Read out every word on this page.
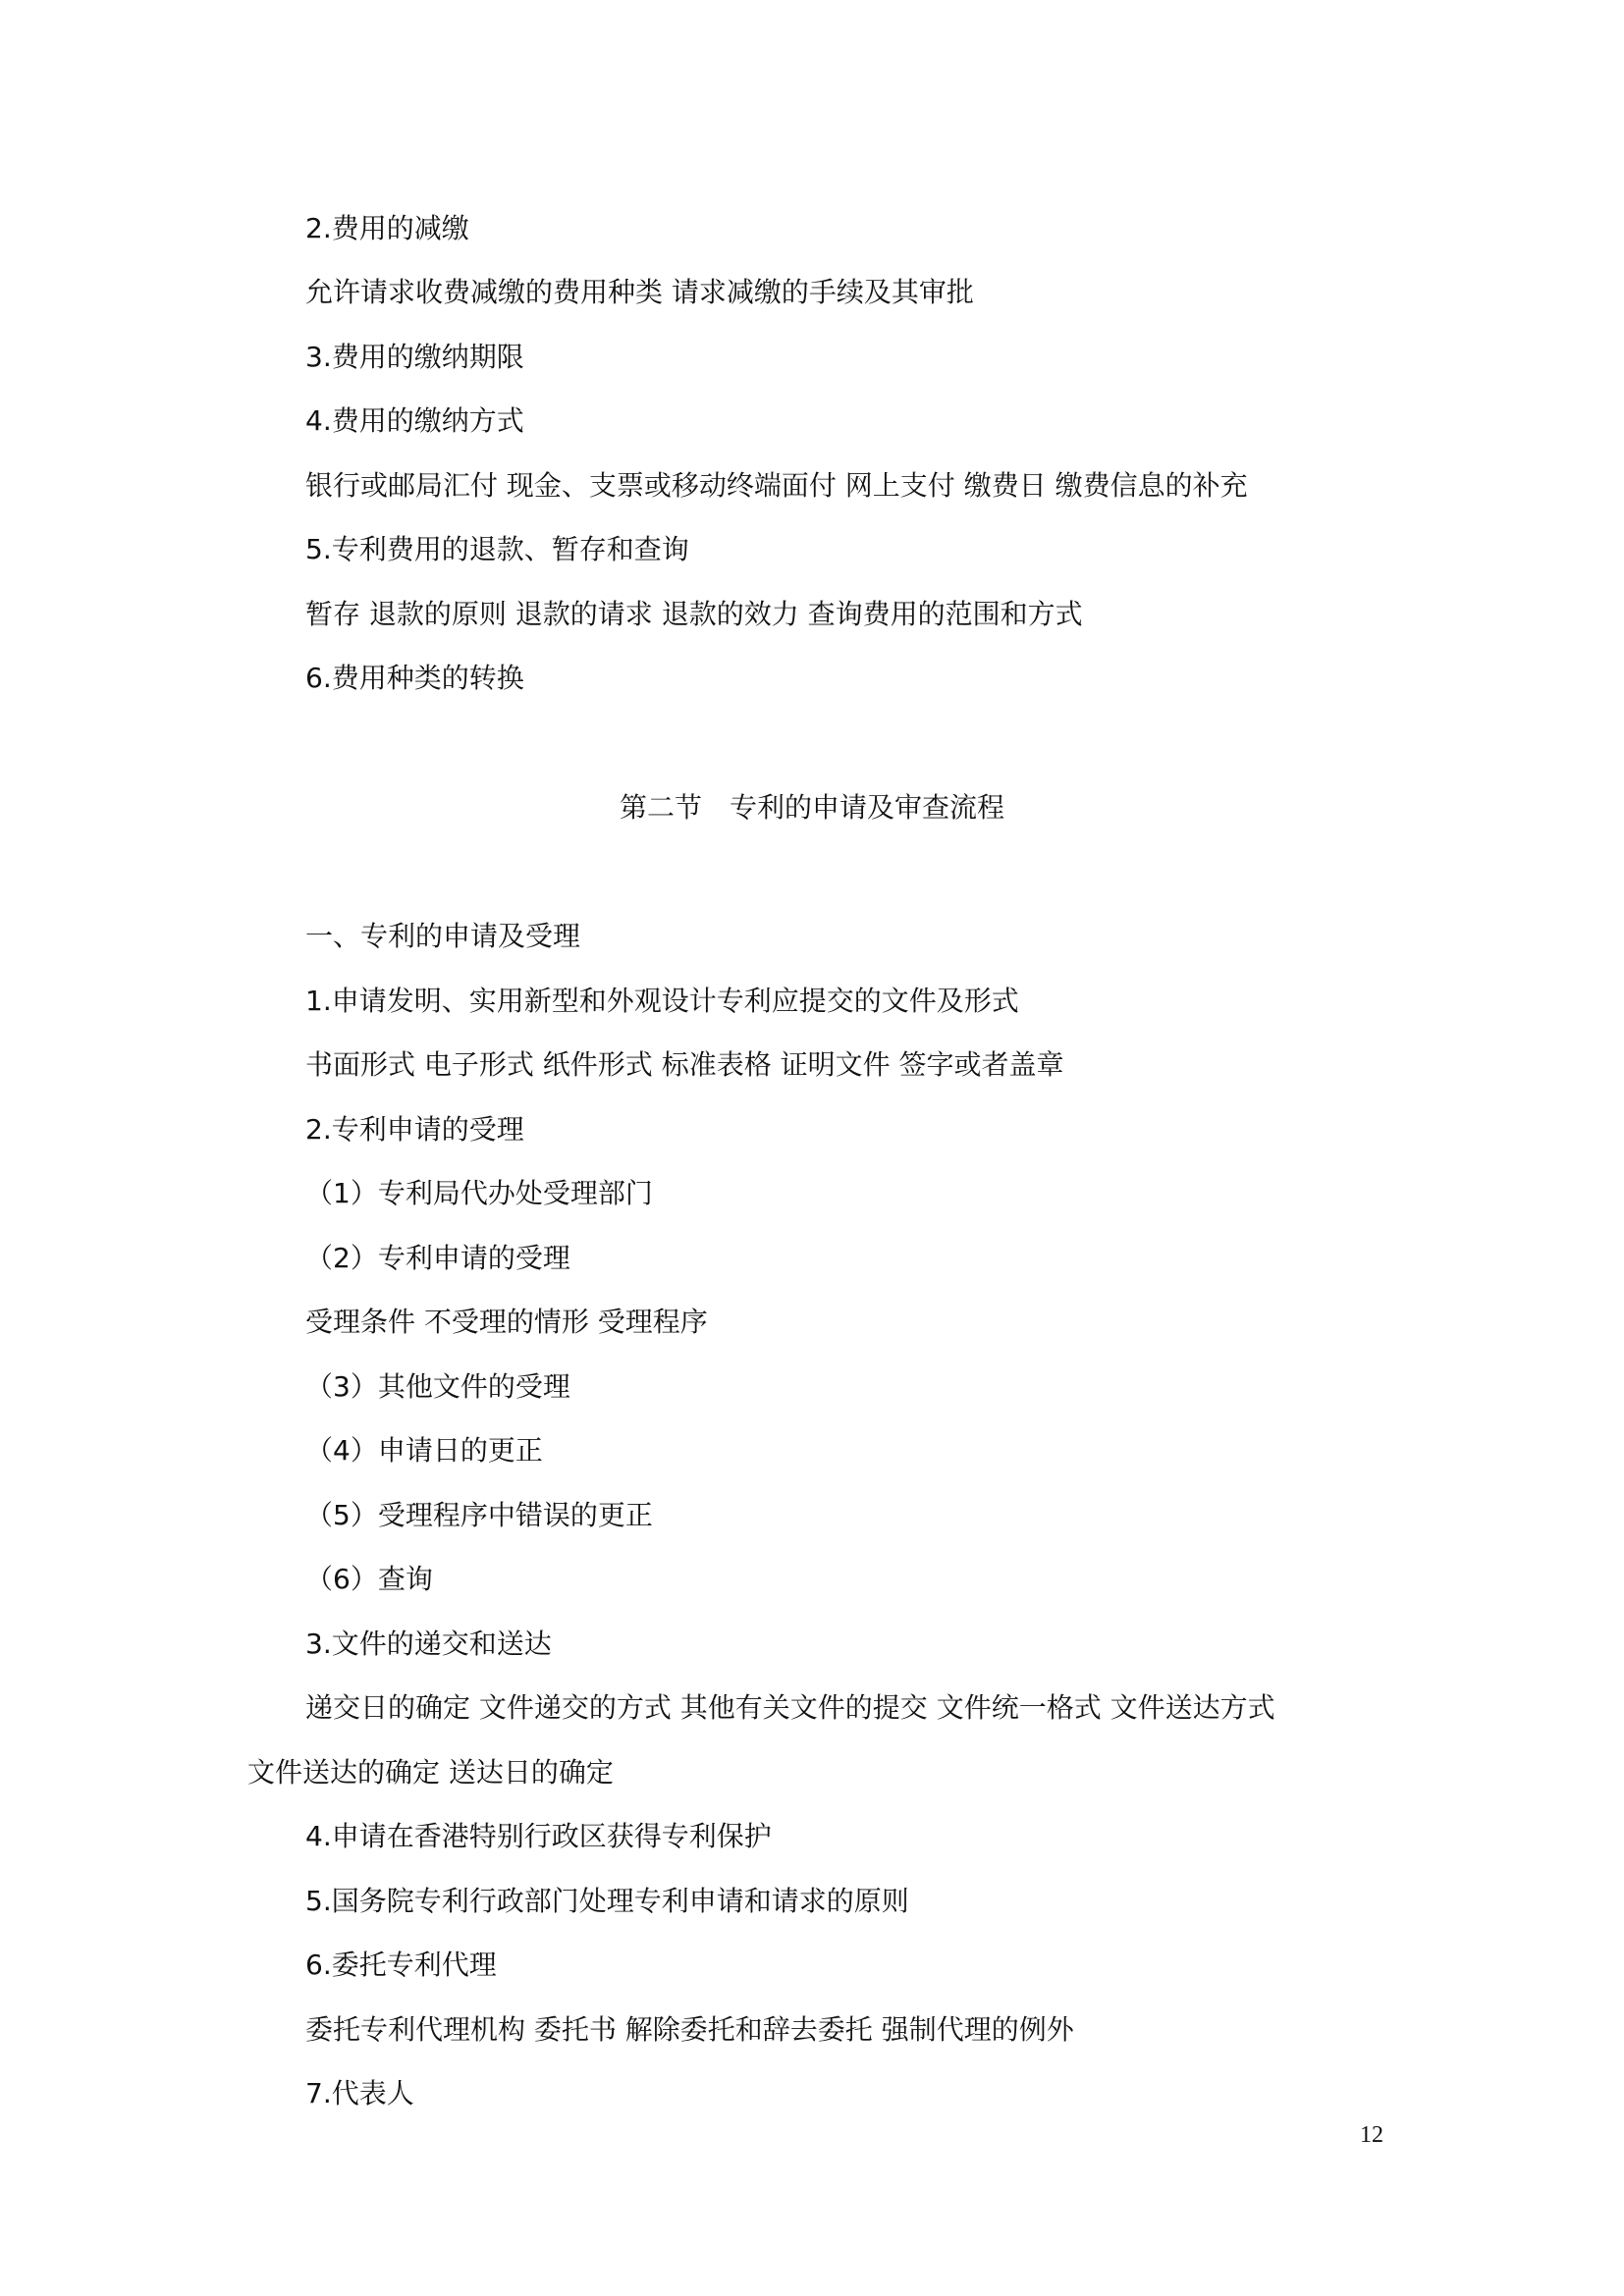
2.费用的减缴
允许请求收费减缴的费用种类 请求减缴的手续及其审批
3.费用的缴纳期限
4.费用的缴纳方式
银行或邮局汇付 现金、支票或移动终端面付 网上支付 缴费日 缴费信息的补充
5.专利费用的退款、暂存和查询
暂存 退款的原则 退款的请求 退款的效力 查询费用的范围和方式
6.费用种类的转换
第二节　专利的申请及审查流程
一、专利的申请及受理
1.申请发明、实用新型和外观设计专利应提交的文件及形式
书面形式 电子形式 纸件形式 标准表格 证明文件 签字或者盖章
2.专利申请的受理
（1）专利局代办处受理部门
（2）专利申请的受理
受理条件 不受理的情形 受理程序
（3）其他文件的受理
（4）申请日的更正
（5）受理程序中错误的更正
（6）查询
3.文件的递交和送达
递交日的确定 文件递交的方式 其他有关文件的提交 文件统一格式 文件送达方式
文件送达的确定 送达日的确定
4.申请在香港特别行政区获得专利保护
5.国务院专利行政部门处理专利申请和请求的原则
6.委托专利代理
委托专利代理机构 委托书 解除委托和辞去委托 强制代理的例外
7.代表人
12
